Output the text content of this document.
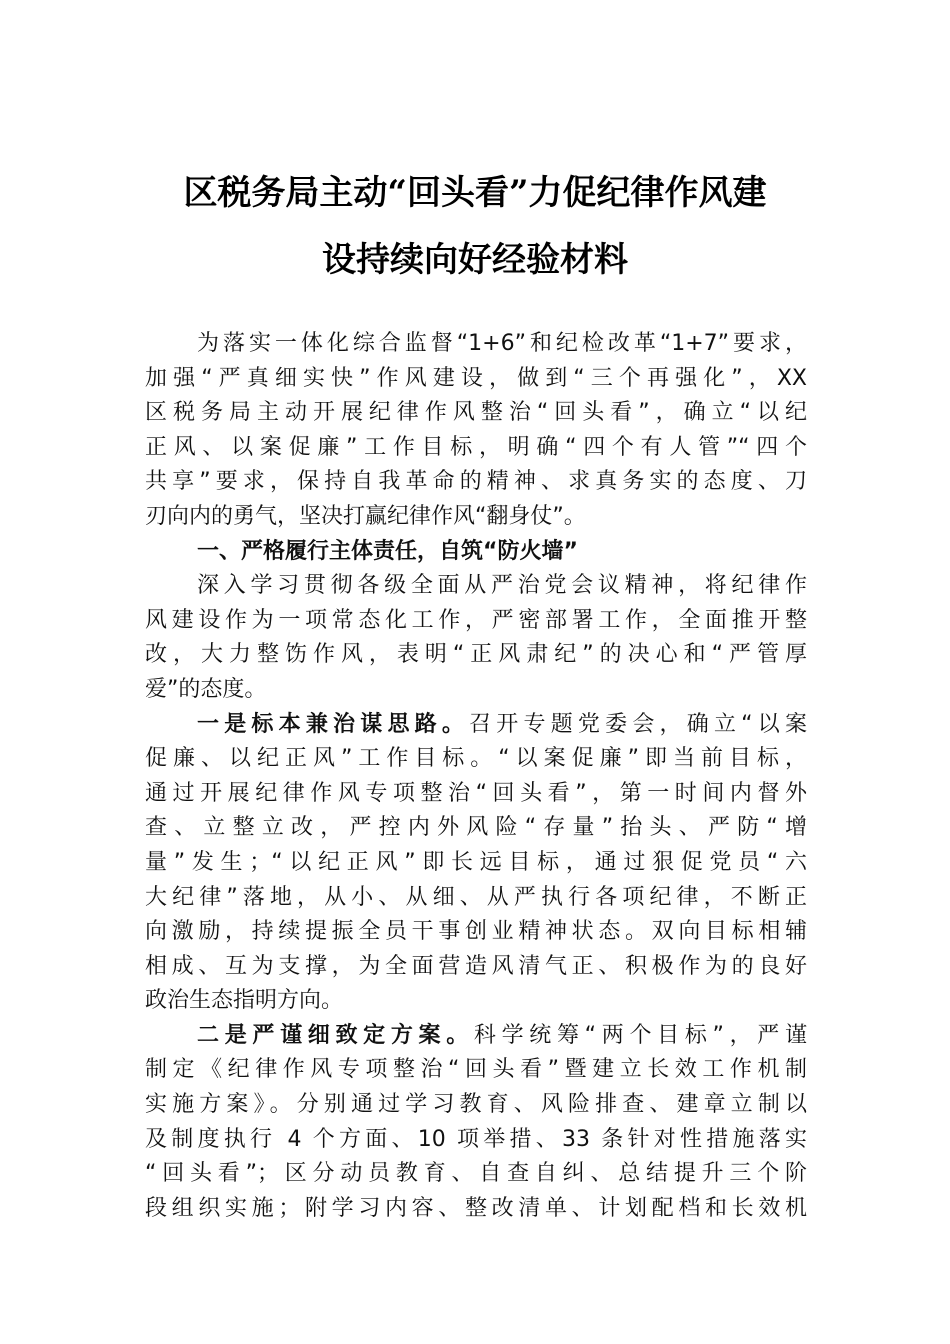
区税务局主动“回头看”力促纪律作风建
设持续向好经验材料
为落实一体化综合监督“1+6”和纪检改革“1+7”要求，
加强“严真细实快”作风建设，做到“三个再强化”，XX
区税务局主动开展纪律作风整治“回头看”，确立“以纪
正风、以案促廉”工作目标，明确“四个有人管”“四个
共享”要求，保持自我革命的精神、求真务实的态度、刀
刃向内的勇气，坚决打赢纪律作风“翻身仗”。
一、严格履行主体责任，自筑“防火墙”
深入学习贯彻各级全面从严治党会议精神，将纪律作
风建设作为一项常态化工作，严密部署工作，全面推开整
改，大力整饬作风，表明“正风肃纪”的决心和“严管厚
爱”的态度。
一是标本兼治谋思路。召开专题党委会，确立“以案
促廉、以纪正风”工作目标。“以案促廉”即当前目标，
通过开展纪律作风专项整治“回头看”，第一时间内督外
查、立整立改，严控内外风险“存量”抬头、严防“增
量”发生；“以纪正风”即长远目标，通过狠促党员“六
大纪律”落地，从小、从细、从严执行各项纪律，不断正
向激励，持续提振全员干事创业精神状态。双向目标相辅
相成、互为支撑，为全面营造风清气正、积极作为的良好
政治生态指明方向。
二是严谨细致定方案。科学统筹“两个目标”，严谨
制定《纪律作风专项整治“回头看”暨建立长效工作机制
实施方案》。分别通过学习教育、风险排查、建章立制以
及制度执行 4 个方面、10 项举措、33 条针对性措施落实
“回头看”；区分动员教育、自查自纠、总结提升三个阶
段组织实施；附学习内容、整改清单、计划配档和长效机
